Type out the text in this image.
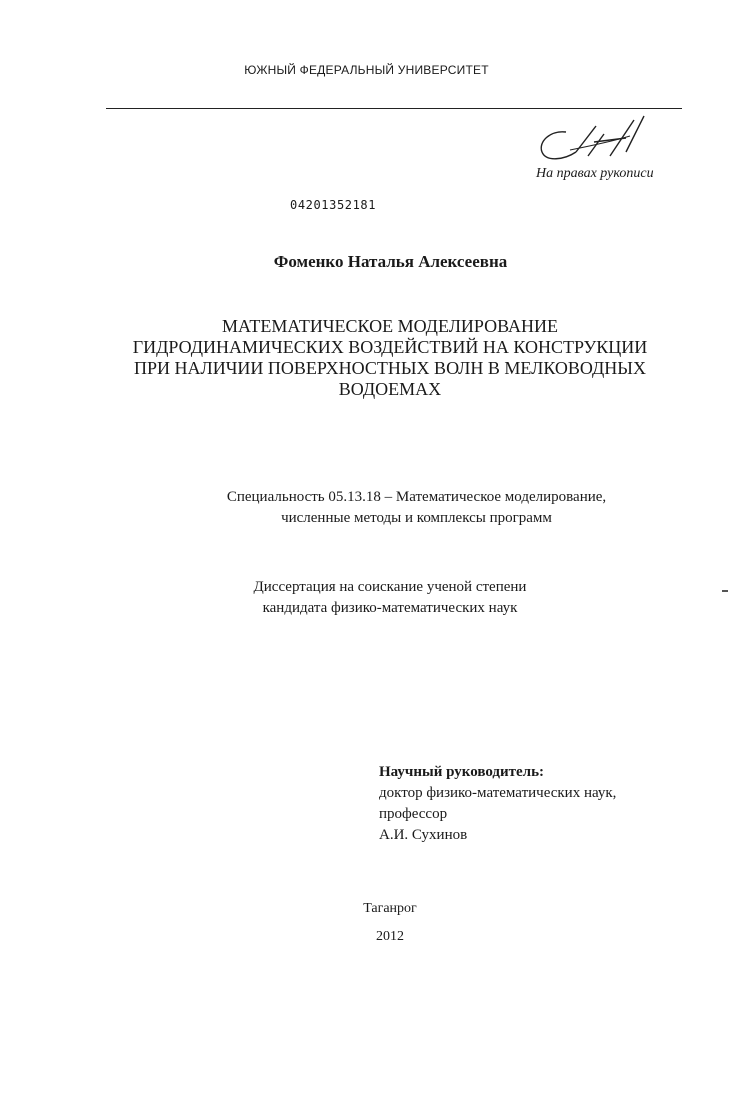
ЮЖНЫЙ ФЕДЕРАЛЬНЫЙ УНИВЕРСИТЕТ
На правах рукописи
04201352181
Фоменко Наталья Алексеевна
МАТЕМАТИЧЕСКОЕ МОДЕЛИРОВАНИЕ
ГИДРОДИНАМИЧЕСКИХ ВОЗДЕЙСТВИЙ НА КОНСТРУКЦИИ
ПРИ НАЛИЧИИ ПОВЕРХНОСТНЫХ ВОЛН В МЕЛКОВОДНЫХ
ВОДОЕМАХ
Специальность 05.13.18 – Математическое моделирование,
численные методы и комплексы программ
Диссертация на соискание ученой степени
кандидата физико-математических наук
Научный руководитель:
доктор физико-математических наук,
профессор
А.И. Сухинов
Таганрог
2012
